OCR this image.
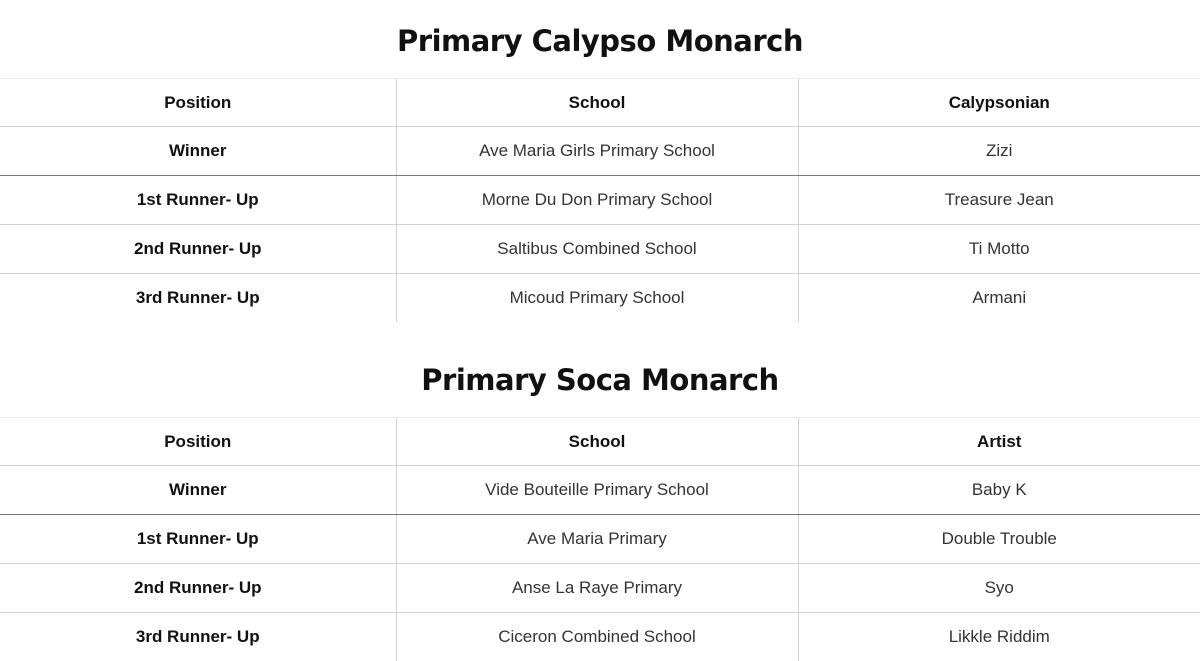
Primary Calypso Monarch
Position	School	Calypsonian
Winner	Ave Maria Girls Primary School	Zizi
1st Runner- Up	Morne Du Don Primary School	Treasure Jean
2nd Runner- Up	Saltibus Combined School	Ti Motto
3rd Runner- Up	Micoud Primary School	Armani
Primary Soca Monarch
Position	School	Artist
Winner	Vide Bouteille Primary School	Baby K
1st Runner- Up	Ave Maria Primary	Double Trouble
2nd Runner- Up	Anse La Raye Primary	Syo
3rd Runner- Up	Ciceron Combined School	Likkle Riddim
